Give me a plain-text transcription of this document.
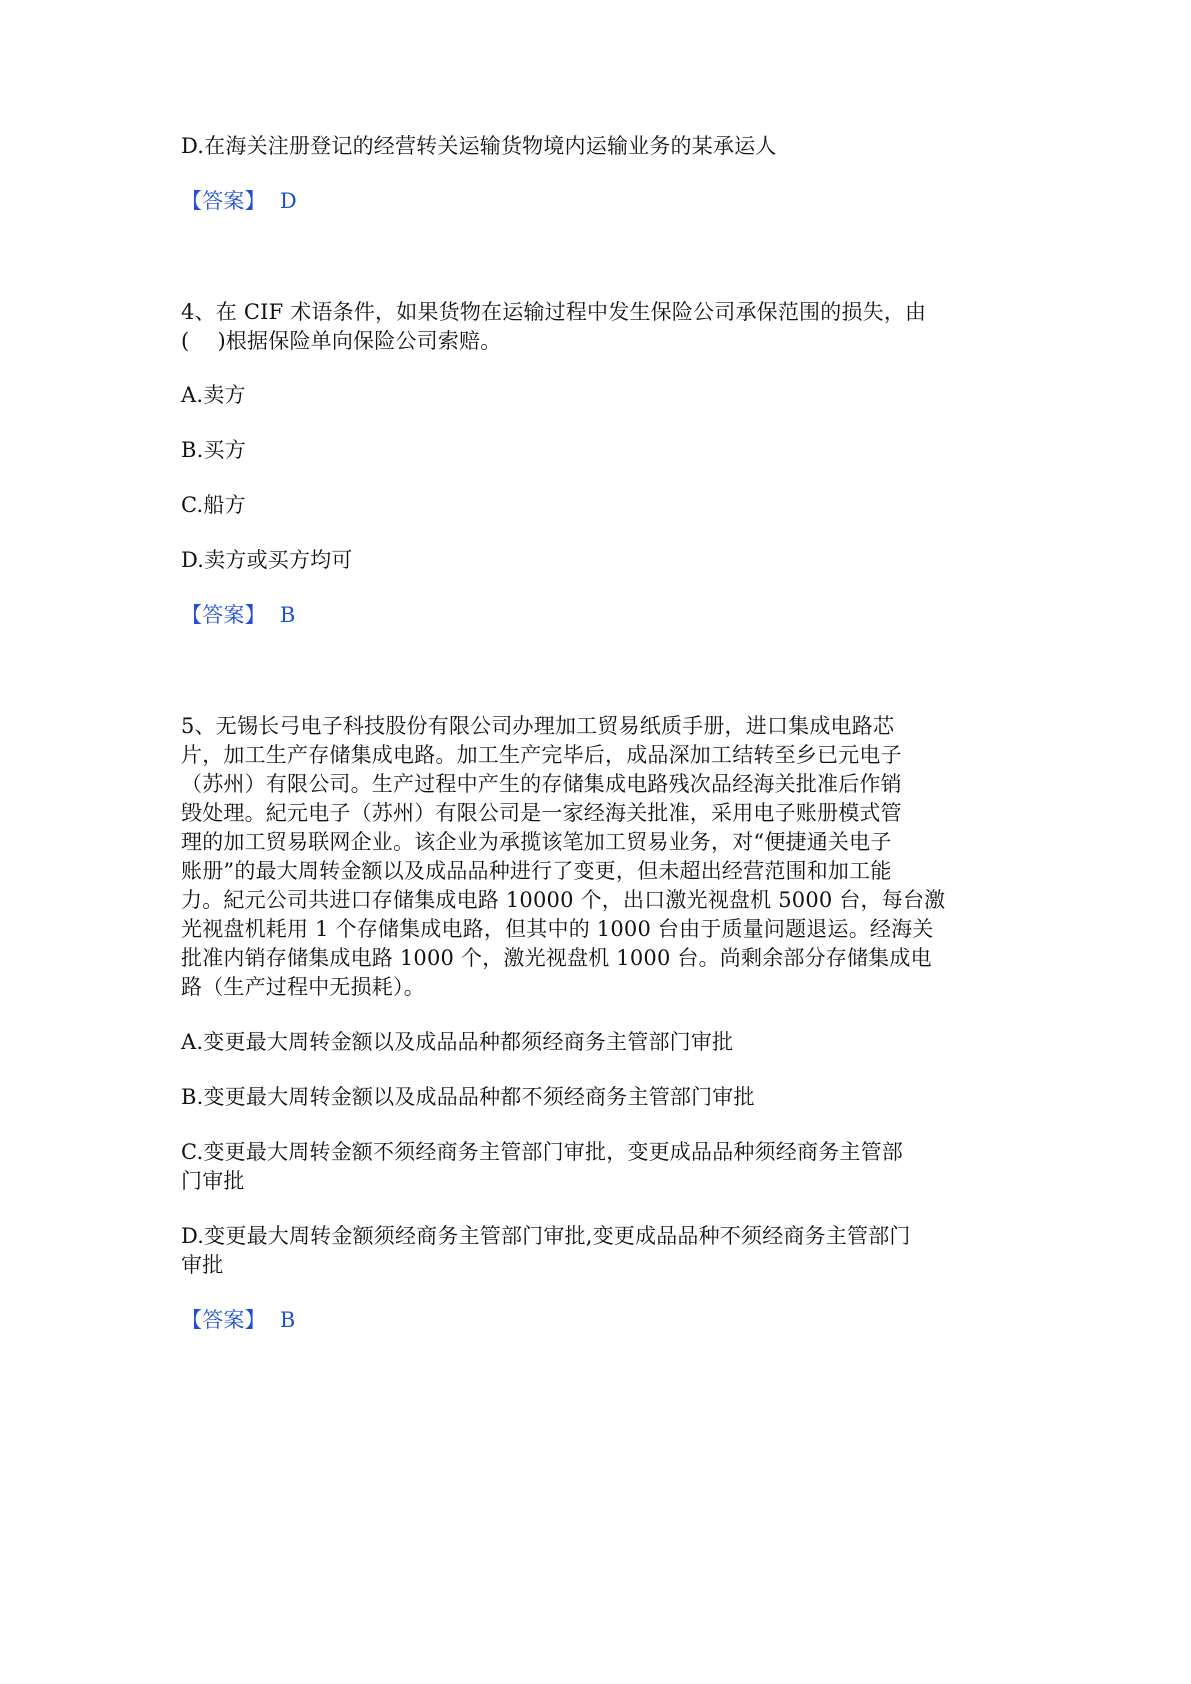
D.在海关注册登记的经营转关运输货物境内运输业务的某承运人
【答案】 D
4、在 CIF 术语条件，如果货物在运输过程中发生保险公司承保范围的损失，由
(　 )根据保险单向保险公司索赔。
A.卖方
B.买方
C.船方
D.卖方或买方均可
【答案】 B
5、无锡长弓电子科技股份有限公司办理加工贸易纸质手册，进口集成电路芯
片，加工生产存储集成电路。加工生产完毕后，成品深加工结转至乡已元电子
（苏州）有限公司。生产过程中产生的存储集成电路残次品经海关批准后作销
毁处理。紀元电子（苏州）有限公司是一家经海关批准，采用电子账册模式管
理的加工贸易联网企业。该企业为承揽该笔加工贸易业务，对“便捷通关电子
账册”的最大周转金额以及成品品种进行了变更，但未超出经营范围和加工能
力。紀元公司共进口存储集成电路 10000 个，出口激光视盘机 5000 台，每台激
光视盘机耗用 1 个存储集成电路，但其中的 1000 台由于质量问题退运。经海关
批准内销存储集成电路 1000 个，激光视盘机 1000 台。尚剩余部分存储集成电
路（生产过程中无损耗）。
A.变更最大周转金额以及成品品种都须经商务主管部门审批
B.变更最大周转金额以及成品品种都不须经商务主管部门审批
C.变更最大周转金额不须经商务主管部门审批，变更成品品种须经商务主管部
门审批
D.变更最大周转金额须经商务主管部门审批,变更成品品种不须经商务主管部门
审批
【答案】 B
